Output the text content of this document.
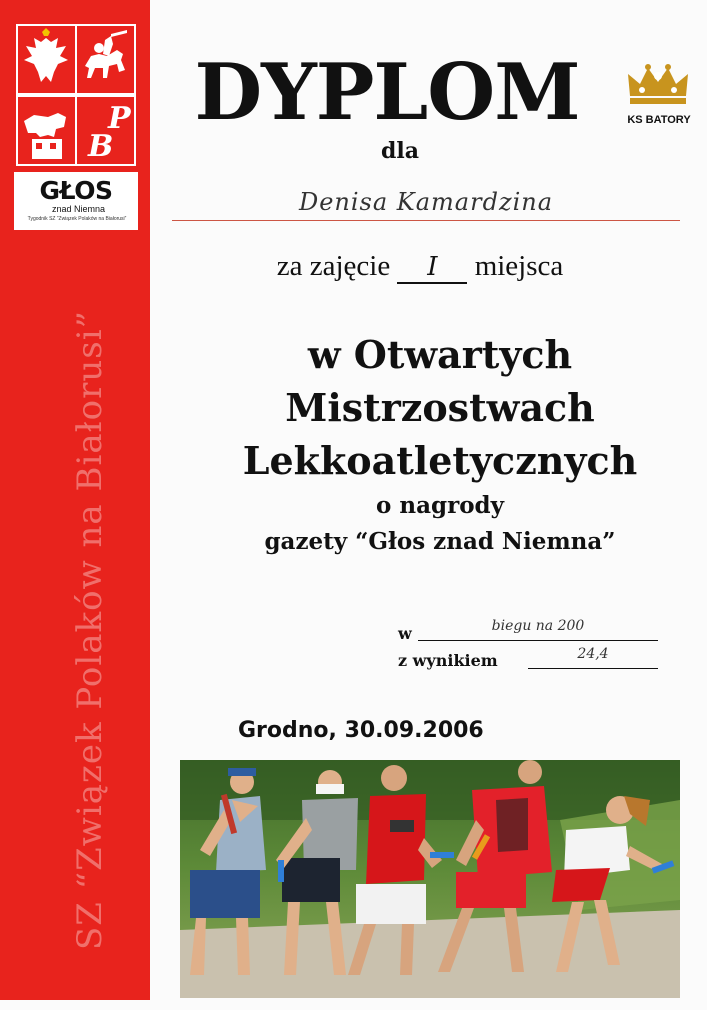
SZ “Związek Polaków na Białorusi”
P
B
GŁOS
znad Niemna
Tygodnik SZ “Związek Polaków na Białorusi”
DYPLOM	KS BATORY
dla
Denisa Kamardzina
za zajęcie I miejsca
w Otwartych
Mistrzostwach
Lekkoatletycznych
o nagrody
gazety “Głos znad Niemna”
w	biegu na 200
z wynikiem	24,4
Grodno, 30.09.2006
